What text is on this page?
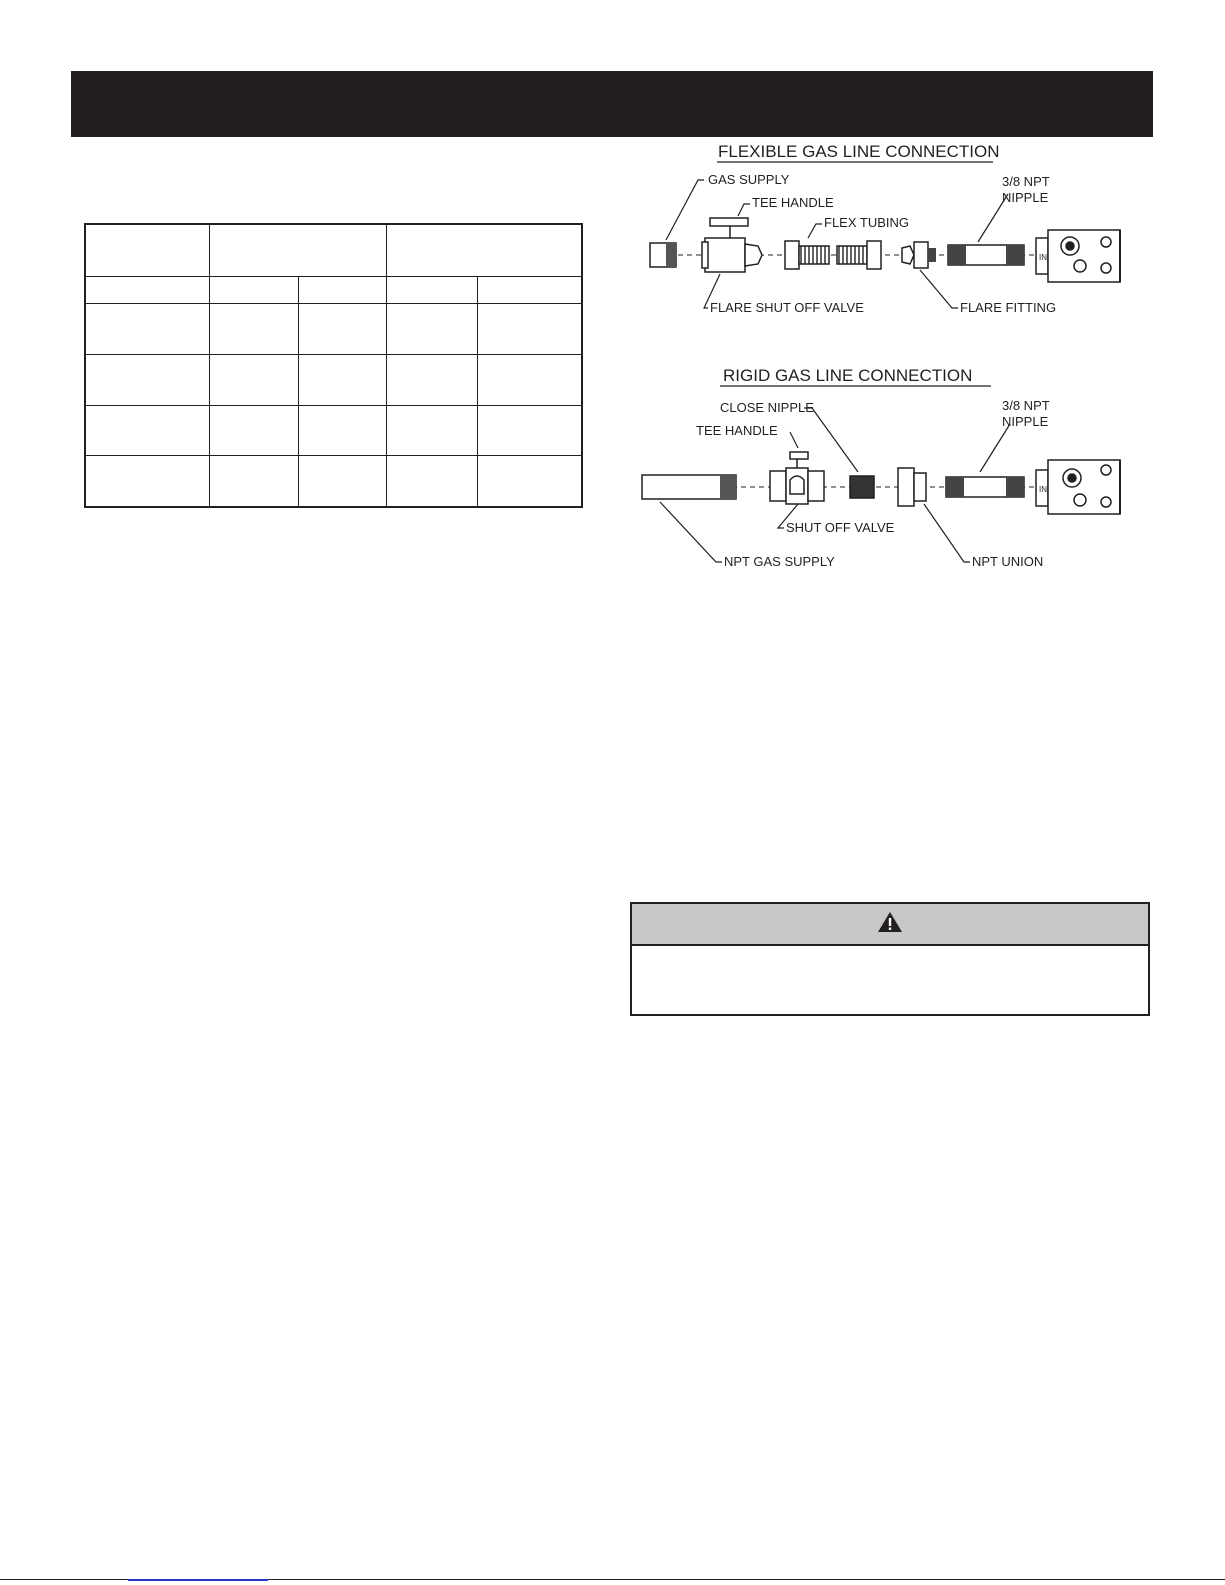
FLEXIBLE GAS LINE CONNECTION
GAS SUPPLY
TEE HANDLE
FLEX TUBING
3/8 NPT
NIPPLE
FLARE SHUT OFF VALVE	FLARE FITTING
IN
RIGID GAS LINE CONNECTION
CLOSE NIPPLE
TEE HANDLE
3/8 NPT
NIPPLE
SHUT OFF VALVE
NPT GAS SUPPLY	NPT UNION
IN
